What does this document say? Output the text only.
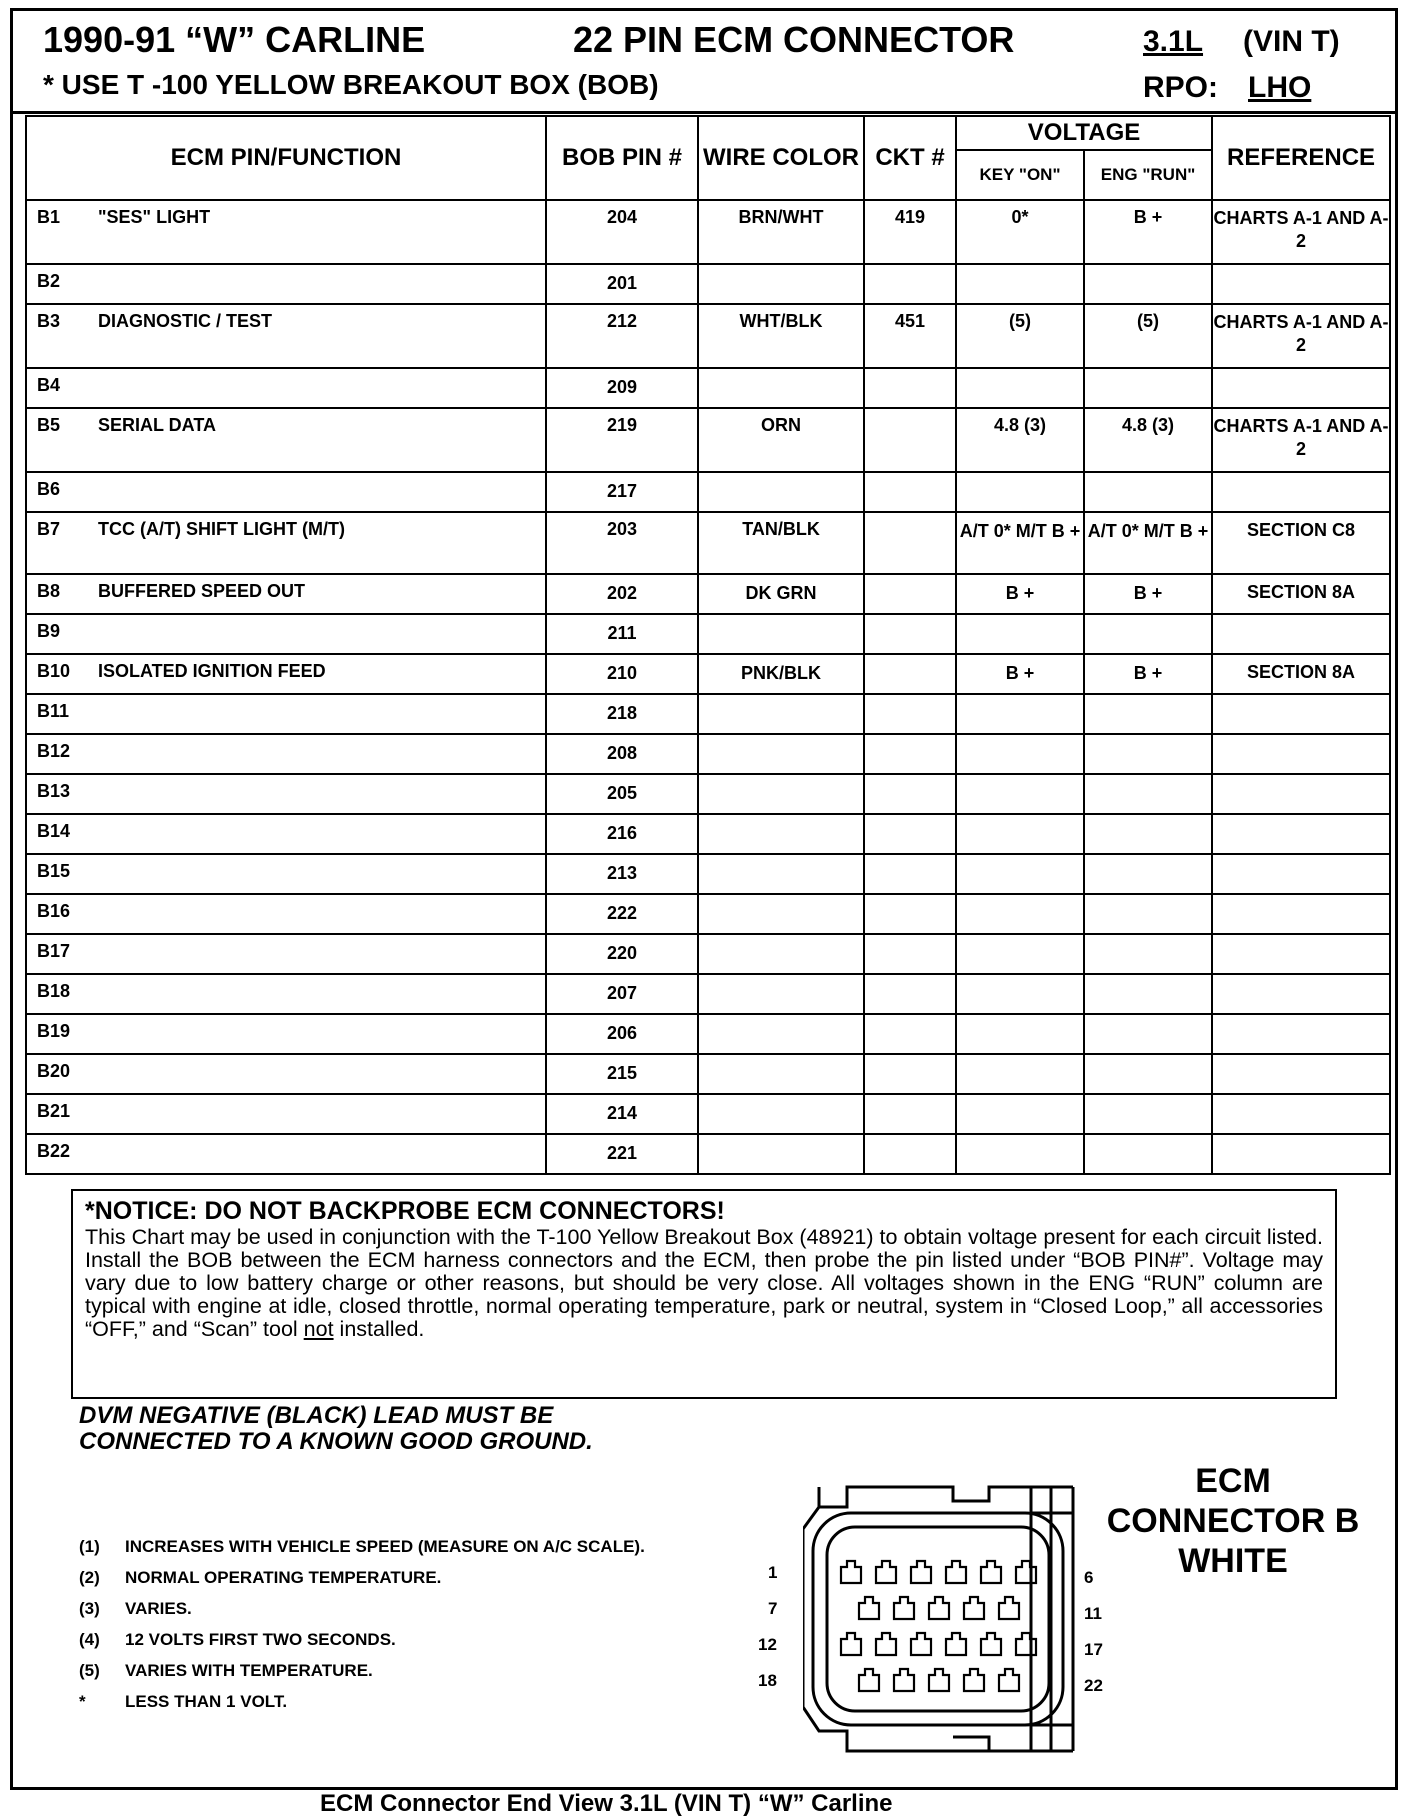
1990-91 “W” CARLINE
* USE T -100 YELLOW BREAKOUT BOX (BOB)
22 PIN ECM CONNECTOR	3.1L (VIN T)
RPO: LHO
ECM PIN/FUNCTION		BOB PIN #	WIRE COLOR	CKT #	VOLTAGE		REFERENCE
					KEY "ON"	ENG "RUN"	
B1	"SES" LIGHT	204	BRN/WHT	419	0*	B +	CHARTS A-1 AND A-2
B2		201					
B3	DIAGNOSTIC / TEST	212	WHT/BLK	451	(5)	(5)	CHARTS A-1 AND A-2
B4		209					
B5	SERIAL DATA	219	ORN		4.8 (3)	4.8 (3)	CHARTS A-1 AND A-2
B6		217					
B7	TCC (A/T) SHIFT LIGHT (M/T)	203	TAN/BLK		A/T 0* M/T B +	A/T 0* M/T B +	SECTION C8
B8	BUFFERED SPEED OUT	202	DK GRN		B +	B +	SECTION 8A
B9		211					
B10	ISOLATED IGNITION FEED	210	PNK/BLK		B +	B +	SECTION 8A
B11		218					
B12		208					
B13		205					
B14		216					
B15		213					
B16		222					
B17		220					
B18		207					
B19		206					
B20		215					
B21		214					
B22		221					
*NOTICE: DO NOT BACKPROBE ECM CONNECTORS!
This Chart may be used in conjunction with the T-100 Yellow Breakout Box (48921) to obtain voltage present for each circuit listed. Install the BOB between the ECM harness connectors and the ECM, then probe the pin listed under “BOB PIN#”. Voltage may vary due to low battery charge or other reasons, but should be very close. All voltages shown in the ENG “RUN” column are typical with engine at idle, closed throttle, normal operating temperature, park or neutral, system in “Closed Loop,” all accessories “OFF,” and “Scan” tool not installed.
DVM NEGATIVE (BLACK) LEAD MUST BE
CONNECTED TO A KNOWN GOOD GROUND.
(1) INCREASES WITH VEHICLE SPEED (MEASURE ON A/C SCALE).
(2) NORMAL OPERATING TEMPERATURE.
(3) VARIES.
(4) 12 VOLTS FIRST TWO SECONDS.
(5) VARIES WITH TEMPERATURE.
* LESS THAN 1 VOLT.
ECM
CONNECTOR B
WHITE
1
7
12
18
6
11
17
22
ECM Connector End View 3.1L (VIN T) “W” Carline
